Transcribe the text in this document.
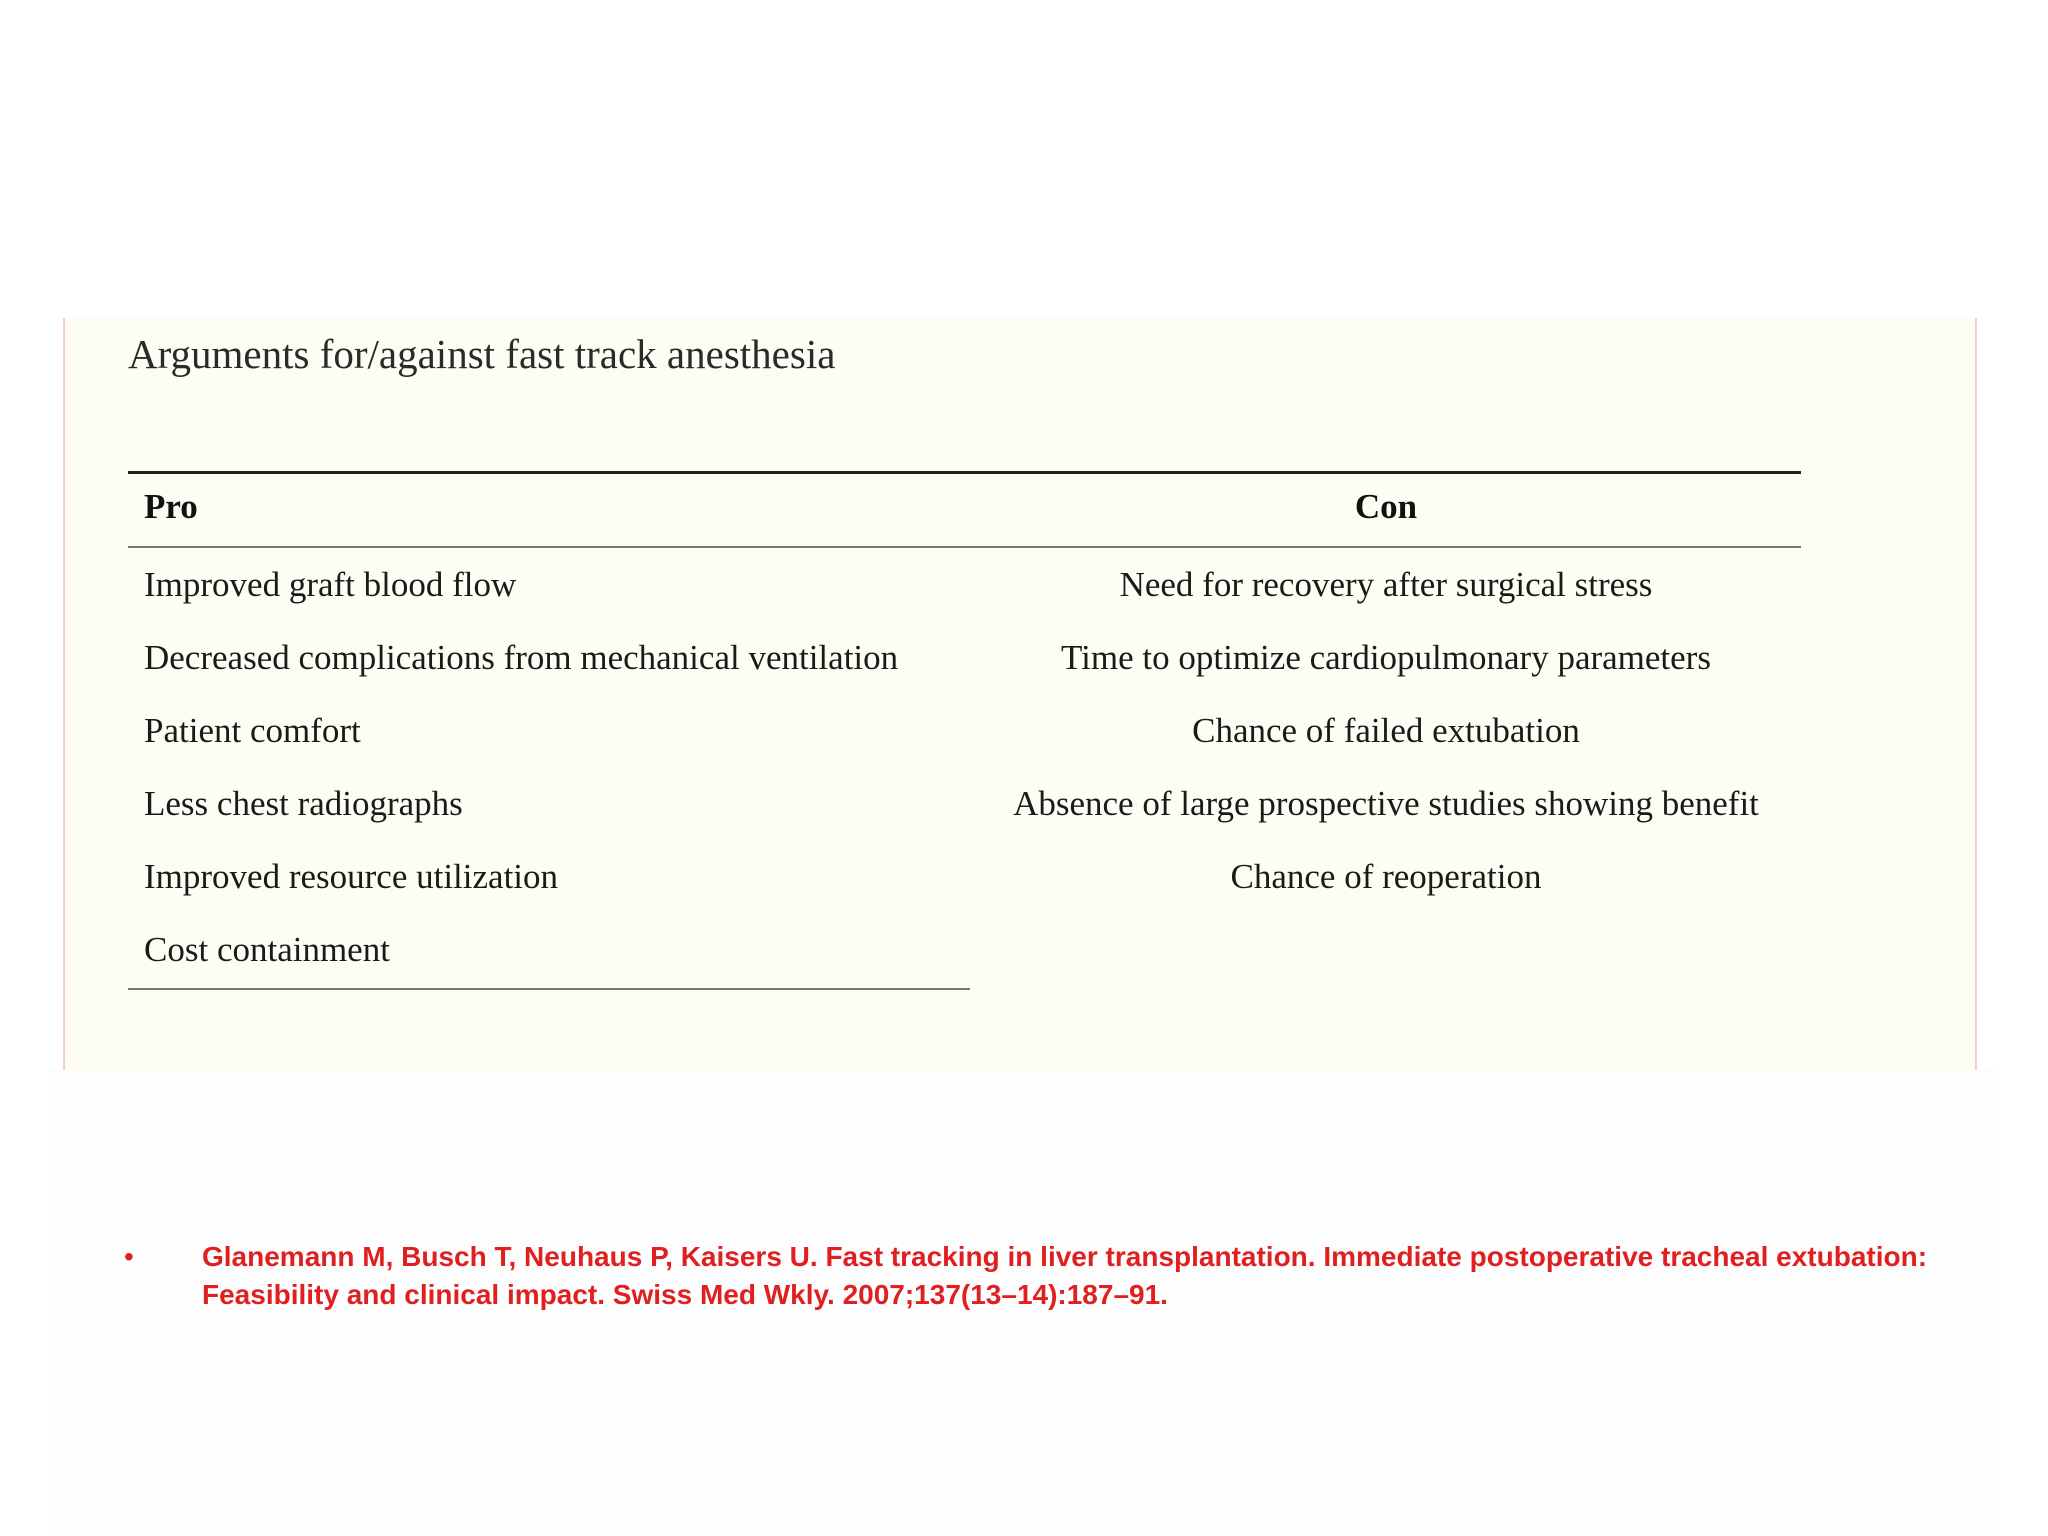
Arguments for/against fast track anesthesia
Pro	Con
Improved graft blood flow
Decreased complications from mechanical ventilation
Patient comfort
Less chest radiographs
Improved resource utilization
Cost containment
Need for recovery after surgical stress
Time to optimize cardiopulmonary parameters
Chance of failed extubation
Absence of large prospective studies showing benefit
Chance of reoperation
• Glanemann M, Busch T, Neuhaus P, Kaisers U. Fast tracking in liver transplantation. Immediate postoperative tracheal extubation: Feasibility and clinical impact. Swiss Med Wkly. 2007;137(13–14):187–91.
